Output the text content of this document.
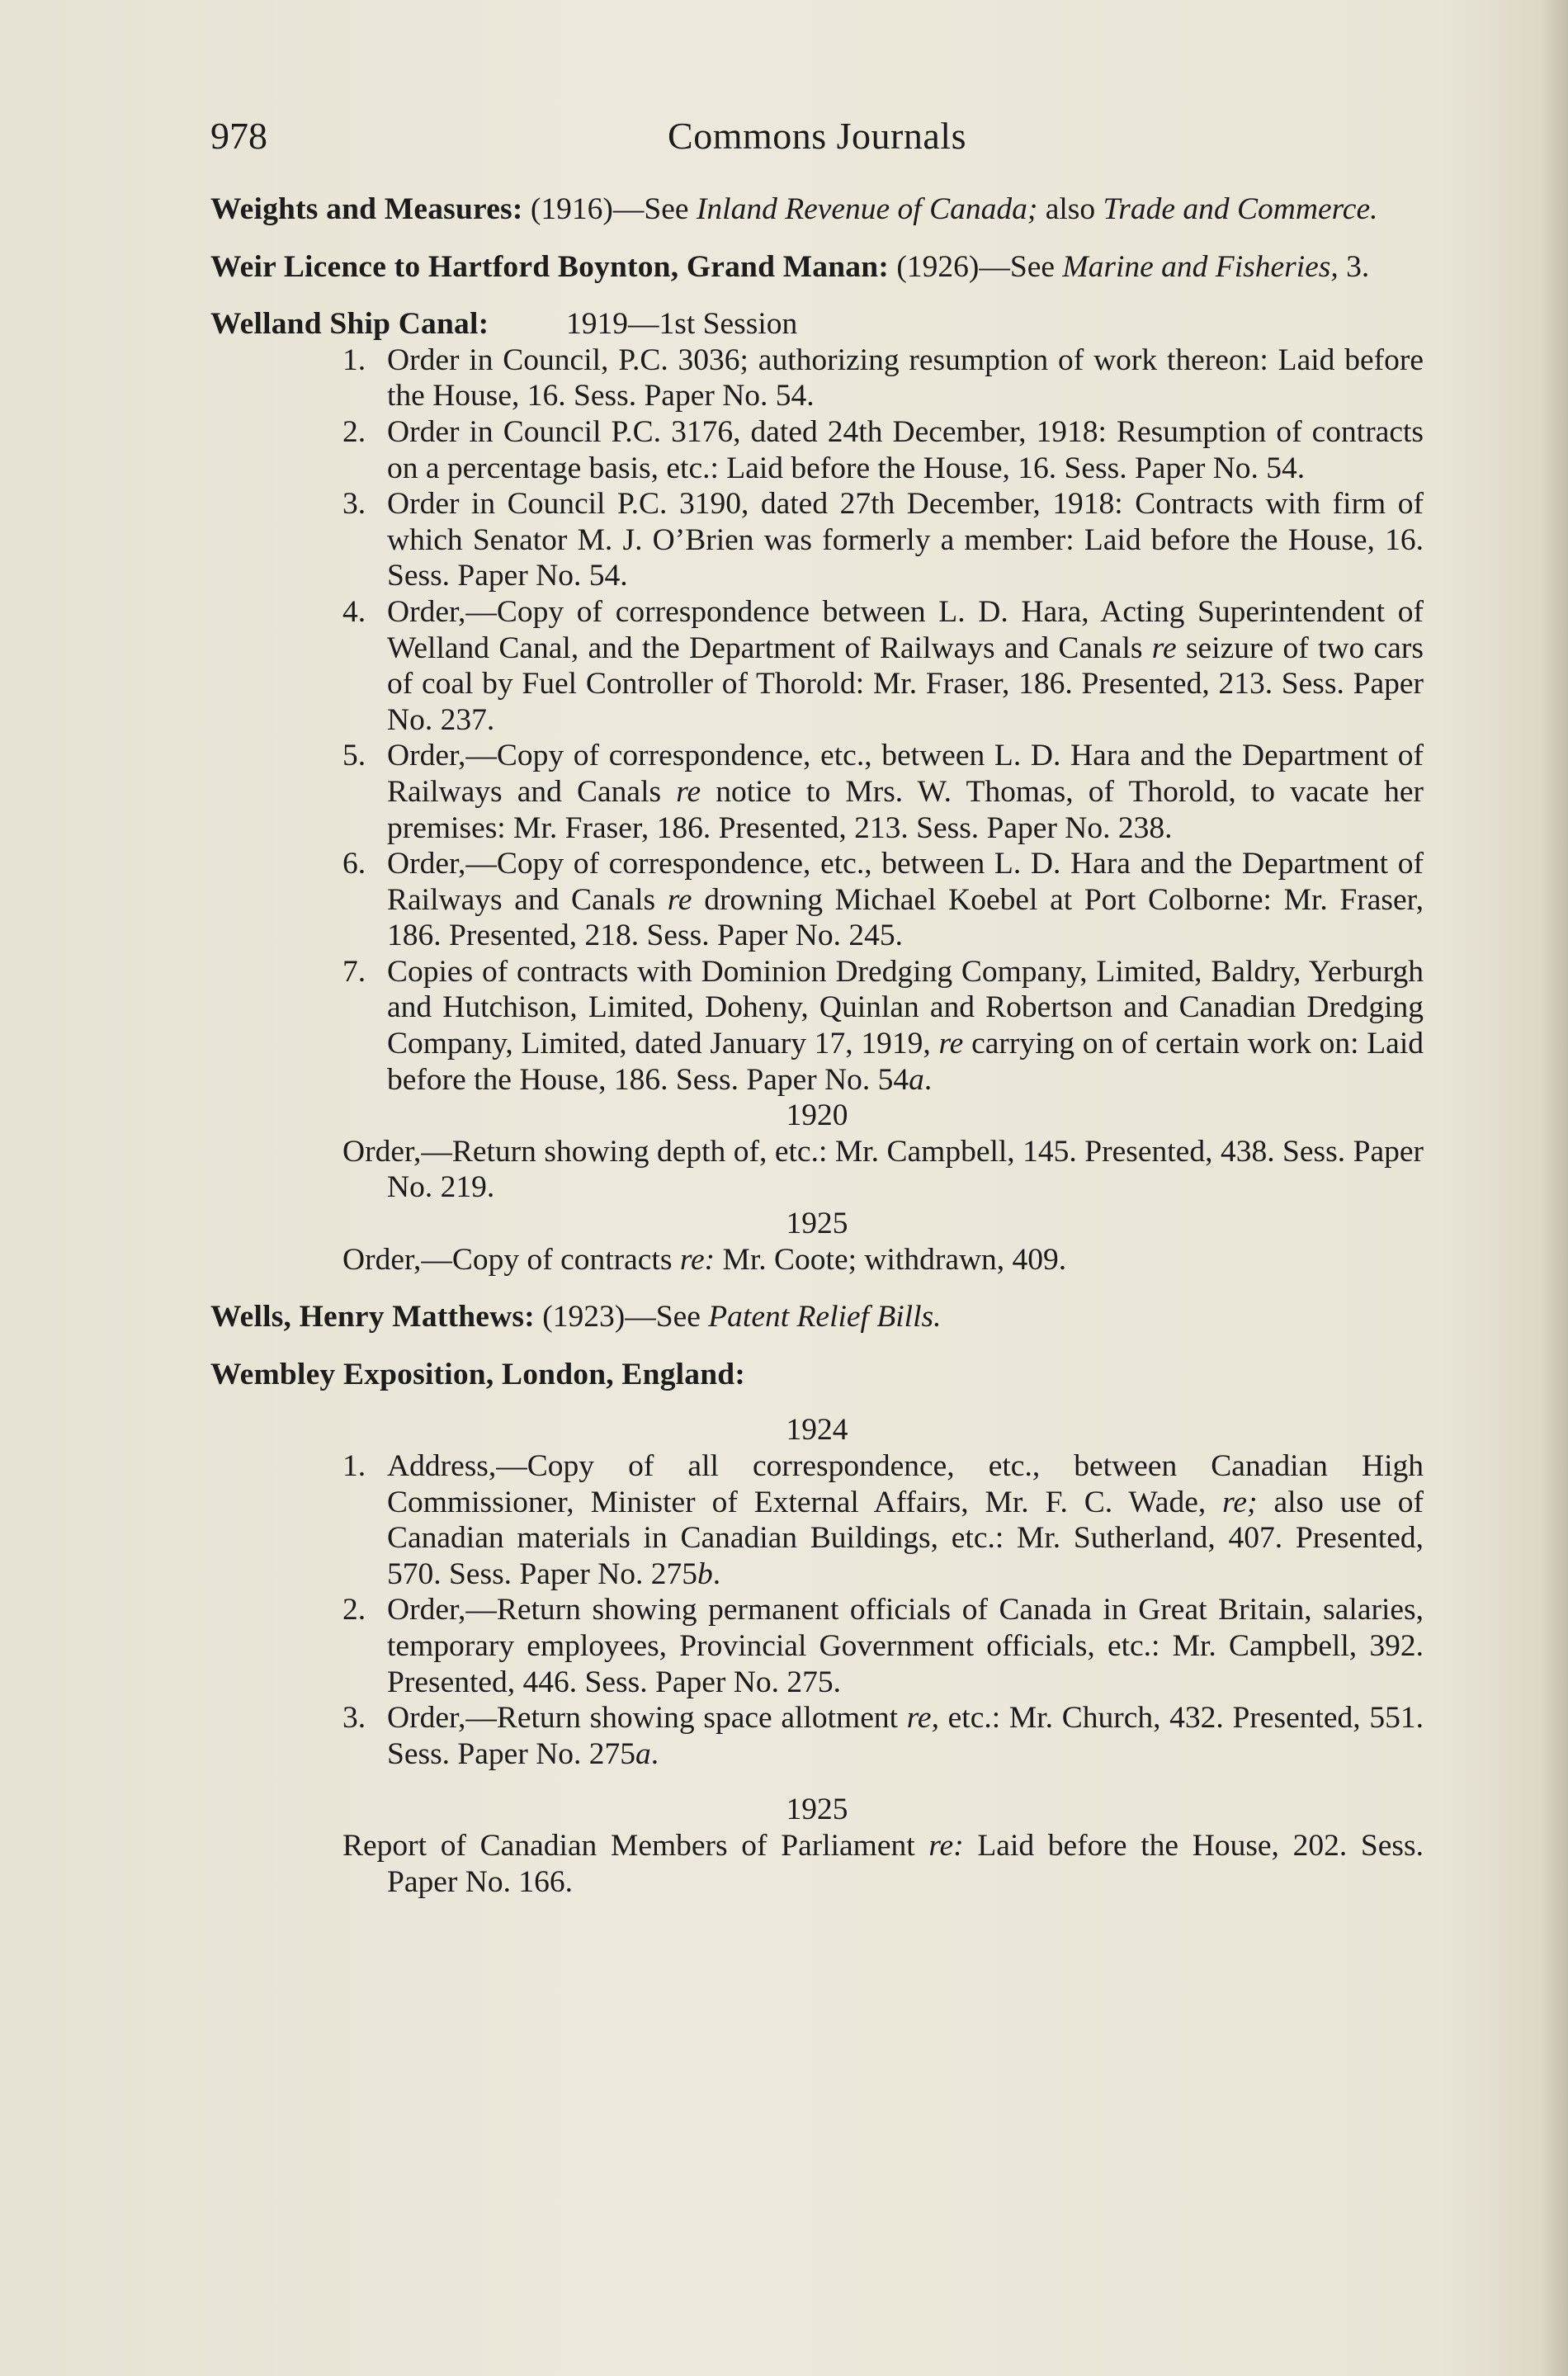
978	Commons Journals

Weights and Measures: (1916)—See Inland Revenue of Canada; also Trade and Commerce.

Weir Licence to Hartford Boynton, Grand Manan: (1926)—See Marine and Fisheries, 3.

Welland Ship Canal:          1919—1st Session

1. Order in Council, P.C. 3036; authorizing resumption of work thereon: Laid before the House, 16. Sess. Paper No. 54.
2. Order in Council P.C. 3176, dated 24th December, 1918: Resumption of contracts on a percentage basis, etc.: Laid before the House, 16. Sess. Paper No. 54.
3. Order in Council P.C. 3190, dated 27th December, 1918: Contracts with firm of which Senator M. J. O’Brien was formerly a member: Laid before the House, 16. Sess. Paper No. 54.
4. Order,—Copy of correspondence between L. D. Hara, Acting Superintendent of Welland Canal, and the Department of Railways and Canals re seizure of two cars of coal by Fuel Controller of Thorold: Mr. Fraser, 186. Presented, 213. Sess. Paper No. 237.
5. Order,—Copy of correspondence, etc., between L. D. Hara and the Department of Railways and Canals re notice to Mrs. W. Thomas, of Thorold, to vacate her premises: Mr. Fraser, 186. Presented, 213. Sess. Paper No. 238.
6. Order,—Copy of correspondence, etc., between L. D. Hara and the Department of Railways and Canals re drowning Michael Koebel at Port Colborne: Mr. Fraser, 186. Presented, 218. Sess. Paper No. 245.
7. Copies of contracts with Dominion Dredging Company, Limited, Baldry, Yerburgh and Hutchison, Limited, Doheny, Quinlan and Robertson and Canadian Dredging Company, Limited, dated January 17, 1919, re carrying on of certain work on: Laid before the House, 186. Sess. Paper No. 54a.

1920

Order,—Return showing depth of, etc.: Mr. Campbell, 145. Presented, 438. Sess. Paper No. 219.

1925

Order,—Copy of contracts re: Mr. Coote; withdrawn, 409.

Wells, Henry Matthews: (1923)—See Patent Relief Bills.

Wembley Exposition, London, England:

1924

1. Address,—Copy of all correspondence, etc., between Canadian High Commissioner, Minister of External Affairs, Mr. F. C. Wade, re; also use of Canadian materials in Canadian Buildings, etc.: Mr. Sutherland, 407. Presented, 570. Sess. Paper No. 275b.
2. Order,—Return showing permanent officials of Canada in Great Britain, salaries, temporary employees, Provincial Government officials, etc.: Mr. Campbell, 392. Presented, 446. Sess. Paper No. 275.
3. Order,—Return showing space allotment re, etc.: Mr. Church, 432. Presented, 551. Sess. Paper No. 275a.

1925

Report of Canadian Members of Parliament re: Laid before the House, 202. Sess. Paper No. 166.
